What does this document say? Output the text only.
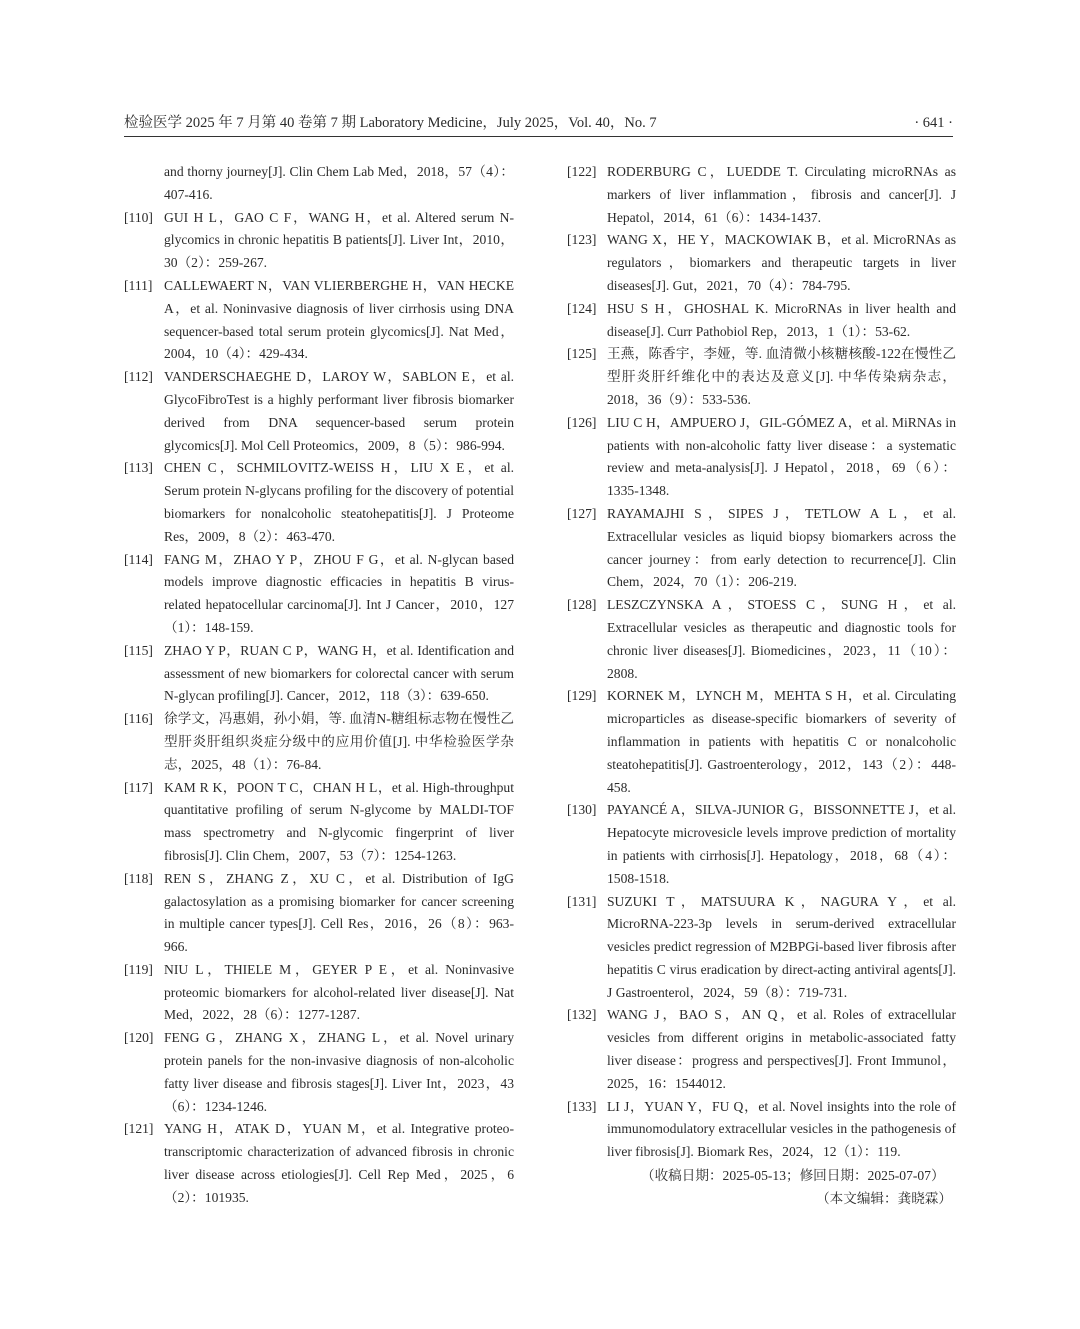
检验医学 2025 年 7 月第 40 卷第 7 期 Laboratory Medicine，July 2025，Vol. 40，No. 7	· 641 ·
and thorny journey[J]. Clin Chem Lab Med，2018，57（4）：407-416.
[110] GUI H L，GAO C F，WANG H，et al. Altered serum N-glycomics in chronic hepatitis B patients[J]. Liver Int，2010，30（2）：259-267.
[111] CALLEWAERT N，VAN VLIERBERGHE H，VAN HECKE A，et al. Noninvasive diagnosis of liver cirrhosis using DNA sequencer-based total serum protein glycomics[J]. Nat Med，2004，10（4）：429-434.
[112] VANDERSCHAEGHE D，LAROY W，SABLON E，et al. GlycoFibroTest is a highly performant liver fibrosis biomarker derived from DNA sequencer-based serum protein glycomics[J]. Mol Cell Proteomics，2009，8（5）：986-994.
[113] CHEN C，SCHMILOVITZ-WEISS H，LIU X E，et al. Serum protein N-glycans profiling for the discovery of potential biomarkers for nonalcoholic steatohepatitis[J]. J Proteome Res，2009，8（2）：463-470.
[114] FANG M，ZHAO Y P，ZHOU F G，et al. N-glycan based models improve diagnostic efficacies in hepatitis B virus-related hepatocellular carcinoma[J]. Int J Cancer，2010，127（1）：148-159.
[115] ZHAO Y P，RUAN C P，WANG H，et al. Identification and assessment of new biomarkers for colorectal cancer with serum N-glycan profiling[J]. Cancer，2012，118（3）：639-650.
[116] 徐学文，冯惠娟，孙小娟，等. 血清N-糖组标志物在慢性乙型肝炎肝组织炎症分级中的应用价值[J]. 中华检验医学杂志，2025，48（1）：76-84.
[117] KAM R K，POON T C，CHAN H L，et al. High-throughput quantitative profiling of serum N-glycome by MALDI-TOF mass spectrometry and N-glycomic fingerprint of liver fibrosis[J]. Clin Chem，2007，53（7）：1254-1263.
[118] REN S，ZHANG Z，XU C，et al. Distribution of IgG galactosylation as a promising biomarker for cancer screening in multiple cancer types[J]. Cell Res，2016，26（8）：963-966.
[119] NIU L，THIELE M，GEYER P E，et al. Noninvasive proteomic biomarkers for alcohol-related liver disease[J]. Nat Med，2022，28（6）：1277-1287.
[120] FENG G，ZHANG X，ZHANG L，et al. Novel urinary protein panels for the non-invasive diagnosis of non-alcoholic fatty liver disease and fibrosis stages[J]. Liver Int，2023，43（6）：1234-1246.
[121] YANG H，ATAK D，YUAN M，et al. Integrative proteo-transcriptomic characterization of advanced fibrosis in chronic liver disease across etiologies[J]. Cell Rep Med，2025，6（2）：101935.
[122] RODERBURG C，LUEDDE T. Circulating microRNAs as markers of liver inflammation，fibrosis and cancer[J]. J Hepatol，2014，61（6）：1434-1437.
[123] WANG X，HE Y，MACKOWIAK B，et al. MicroRNAs as regulators，biomarkers and therapeutic targets in liver diseases[J]. Gut，2021，70（4）：784-795.
[124] HSU S H，GHOSHAL K. MicroRNAs in liver health and disease[J]. Curr Pathobiol Rep，2013，1（1）：53-62.
[125] 王燕，陈香宇，李娅，等. 血清微小核糖核酸-122在慢性乙型肝炎肝纤维化中的表达及意义[J]. 中华传染病杂志，2018，36（9）：533-536.
[126] LIU C H，AMPUERO J，GIL-GÓMEZ A，et al. MiRNAs in patients with non-alcoholic fatty liver disease：a systematic review and meta-analysis[J]. J Hepatol，2018，69（6）：1335-1348.
[127] RAYAMAJHI S，SIPES J，TETLOW A L，et al. Extracellular vesicles as liquid biopsy biomarkers across the cancer journey：from early detection to recurrence[J]. Clin Chem，2024，70（1）：206-219.
[128] LESZCZYNSKA A，STOESS C，SUNG H，et al. Extracellular vesicles as therapeutic and diagnostic tools for chronic liver diseases[J]. Biomedicines，2023，11（10）：2808.
[129] KORNEK M，LYNCH M，MEHTA S H，et al. Circulating microparticles as disease-specific biomarkers of severity of inflammation in patients with hepatitis C or nonalcoholic steatohepatitis[J]. Gastroenterology，2012，143（2）：448-458.
[130] PAYANCÉ A，SILVA-JUNIOR G，BISSONNETTE J，et al. Hepatocyte microvesicle levels improve prediction of mortality in patients with cirrhosis[J]. Hepatology，2018，68（4）：1508-1518.
[131] SUZUKI T，MATSUURA K，NAGURA Y，et al. MicroRNA-223-3p levels in serum-derived extracellular vesicles predict regression of M2BPGi-based liver fibrosis after hepatitis C virus eradication by direct-acting antiviral agents[J]. J Gastroenterol，2024，59（8）：719-731.
[132] WANG J，BAO S，AN Q，et al. Roles of extracellular vesicles from different origins in metabolic-associated fatty liver disease：progress and perspectives[J]. Front Immunol，2025，16：1544012.
[133] LI J，YUAN Y，FU Q，et al. Novel insights into the role of immunomodulatory extracellular vesicles in the pathogenesis of liver fibrosis[J]. Biomark Res，2024，12（1）：119.
（收稿日期：2025-05-13；修回日期：2025-07-07）
（本文编辑：龚晓霖）
